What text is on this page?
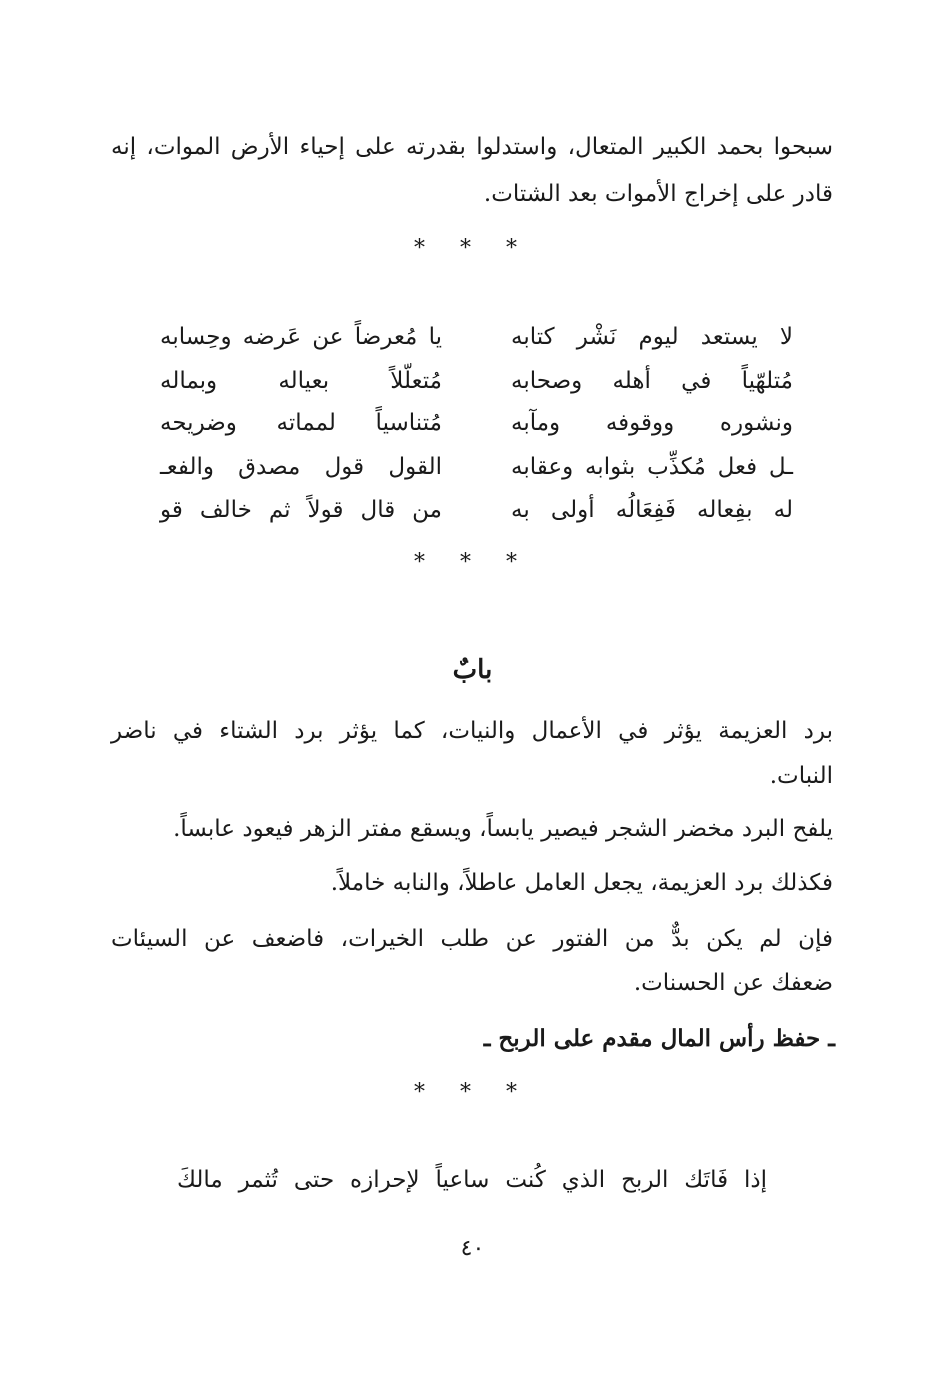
سبحوا بحمد الكبير المتعال، واستدلوا بقدرته على إحياء الأرض الموات، إنه
قادر على إخراج الأموات بعد الشتات.
* * *
يا مُعرضاً عن عَرضه وحِسابه	لا يستعد ليوم نَشْر كتابه
مُتعلّلاً بعياله وبماله	مُتلهّياً في أهله وصحابه
مُتناسياً لمماته وضريحه	ونشوره ووقوفه ومآبه
القول قول مصدق والفعـ	ـل فعل مُكذِّب بثوابه وعقابه
من قال قولاً ثم خالف قو	له بفِعاله فَفِعَالُه أولى به
* * *
بابٌ
برد العزيمة يؤثر في الأعمال والنيات، كما يؤثر برد الشتاء في ناضر
النبات.
يلفح البرد مخضر الشجر فيصير يابساً، ويسقع مفتر الزهر فيعود عابساً.
فكذلك برد العزيمة، يجعل العامل عاطلاً، والنابه خاملاً.
فإن لم يكن بدٌّ من الفتور عن طلب الخيرات، فاضعف عن السيئات
ضعفك عن الحسنات.
ـ حفظ رأس المال مقدم على الربح ـ
* * *
إذا فَاتَك الربح الذي كُنت ساعياً لإحرازه حتى تُثمر مالكَ
٤٠
